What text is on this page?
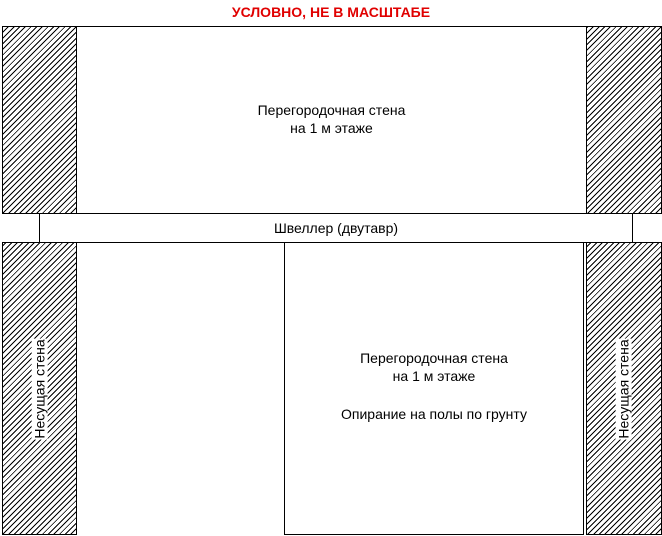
УСЛОВНО, НЕ В МАСШТАБЕ
Перегородочная стена
на 1 м этаже
Швеллер (двутавр)
Несущая стена	Перегородочная стена
на 1 м этаже
Опирание на полы по грунту	Несущая стена
